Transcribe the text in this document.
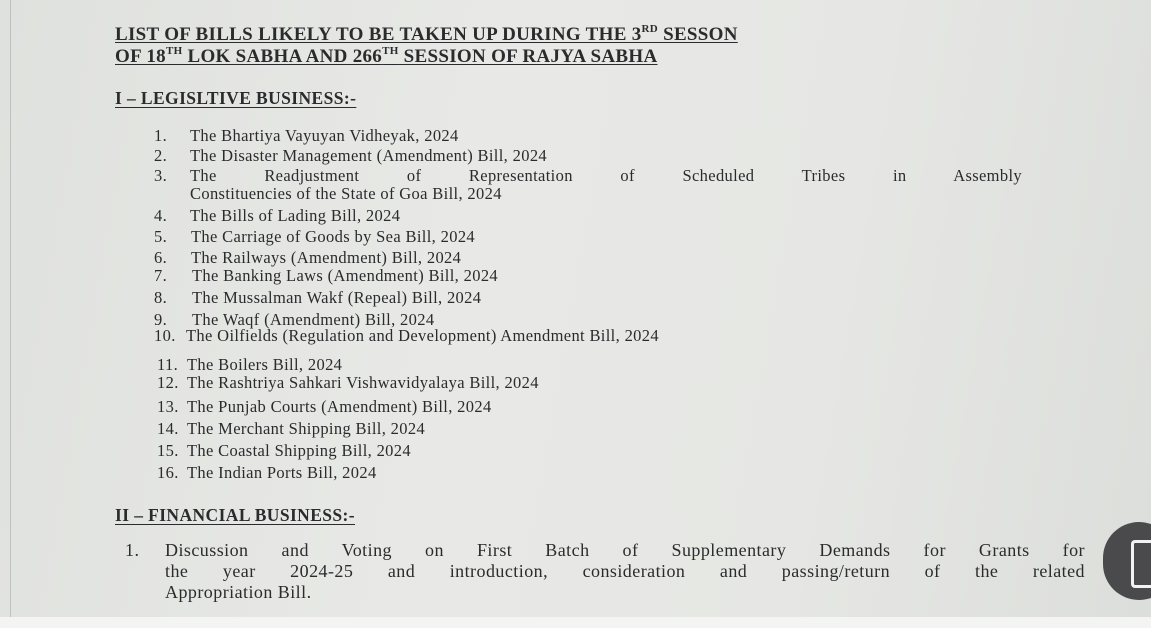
LIST OF BILLS LIKELY TO BE TAKEN UP DURING THE 3RD SESSON
OF 18TH LOK SABHA AND 266TH SESSION OF RAJYA SABHA
I – LEGISLTIVE BUSINESS:-
1. The Bhartiya Vayuyan Vidheyak, 2024
2. The Disaster Management (Amendment) Bill, 2024
3.	The Readjustment of Representation of Scheduled Tribes in Assembly
Constituencies of the State of Goa Bill, 2024
4. The Bills of Lading Bill, 2024
5. The Carriage of Goods by Sea Bill, 2024
6. The Railways (Amendment) Bill, 2024
7. The Banking Laws (Amendment) Bill, 2024
8. The Mussalman Wakf (Repeal) Bill, 2024
9. The Waqf (Amendment) Bill, 2024
10. The Oilfields (Regulation and Development) Amendment Bill, 2024
11. The Boilers Bill, 2024
12. The Rashtriya Sahkari Vishwavidyalaya Bill, 2024
13. The Punjab Courts (Amendment) Bill, 2024
14. The Merchant Shipping Bill, 2024
15. The Coastal Shipping Bill, 2024
16. The Indian Ports Bill, 2024
II – FINANCIAL BUSINESS:-
1.	Discussion and Voting on First Batch of Supplementary Demands for Grants for
the year 2024-25 and introduction, consideration and passing/return of the related
Appropriation Bill.
